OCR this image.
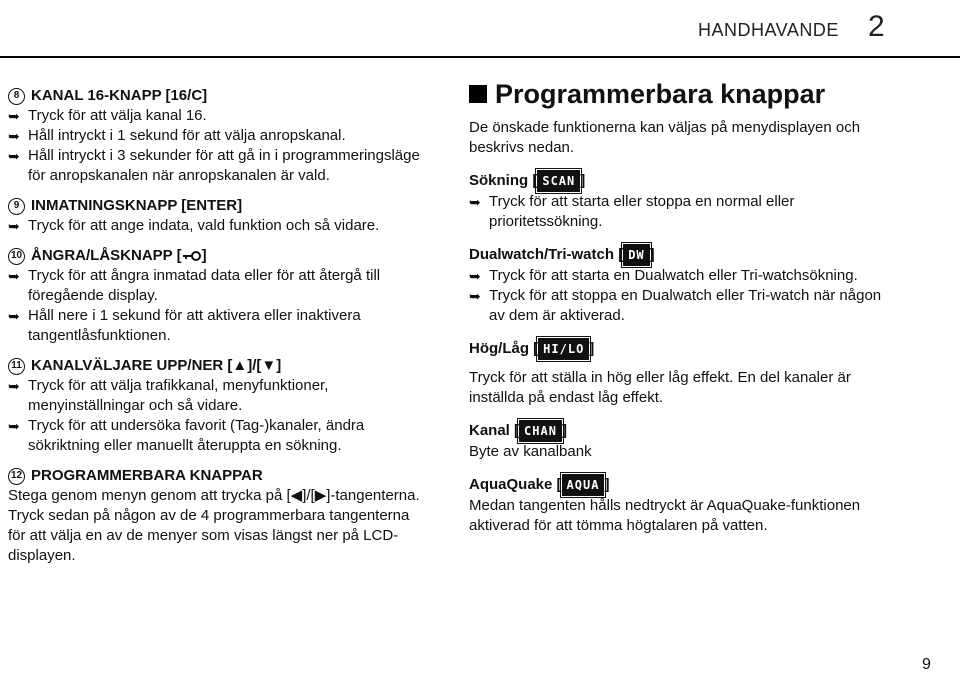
HANDHAVANDE 2
8 KANAL 16-KNAPP [16/C]
➥ Tryck för att välja kanal 16.
➥ Håll intryckt i 1 sekund för att välja anropskanal.
➥ Håll intryckt i 3 sekunder för att gå in i programmeringsläge för anropskanalen när anropskanalen är vald.
9 INMATNINGSKNAPP [ENTER]
➥ Tryck för att ange indata, vald funktion och så vidare.
10 ÅNGRA/LÅSKNAPP [ ]
➥ Tryck för att ångra inmatad data eller för att återgå till föregående display.
➥ Håll nere i 1 sekund för att aktivera eller inaktivera tangentlåsfunktionen.
11 KANALVÄLJARE UPP/NER [▲]/[▼]
➥ Tryck för att välja trafikkanal, menyfunktioner, menyinställningar och så vidare.
➥ Tryck för att undersöka favorit (Tag-)kanaler, ändra sökriktning eller manuellt återuppta en sökning.
12 PROGRAMMERBARA KNAPPAR
Stega genom menyn genom att trycka på [◀]/[▶]-tangenterna. Tryck sedan på någon av de 4 programmerbara tangenterna för att välja en av de menyer som visas längst ner på LCD-displayen.
Programmerbara knappar
De önskade funktionerna kan väljas på menydisplayen och beskrivs nedan.
Sökning [ SCAN ]
➥ Tryck för att starta eller stoppa en normal eller prioritetssökning.
Dualwatch/Tri-watch [ DW ]
➥ Tryck för att starta en Dualwatch eller Tri-watchsökning.
➥ Tryck för att stoppa en Dualwatch eller Tri-watch när någon av dem är aktiverad.
Hög/Låg [ HI/LO ]
Tryck för att ställa in hög eller låg effekt. En del kanaler är inställda på endast låg effekt.
Kanal [ CHAN ]
Byte av kanalbank
AquaQuake [ AQUA ]
Medan tangenten hålls nedtryckt är AquaQuake-funktionen aktiverad för att tömma högtalaren på vatten.
9
